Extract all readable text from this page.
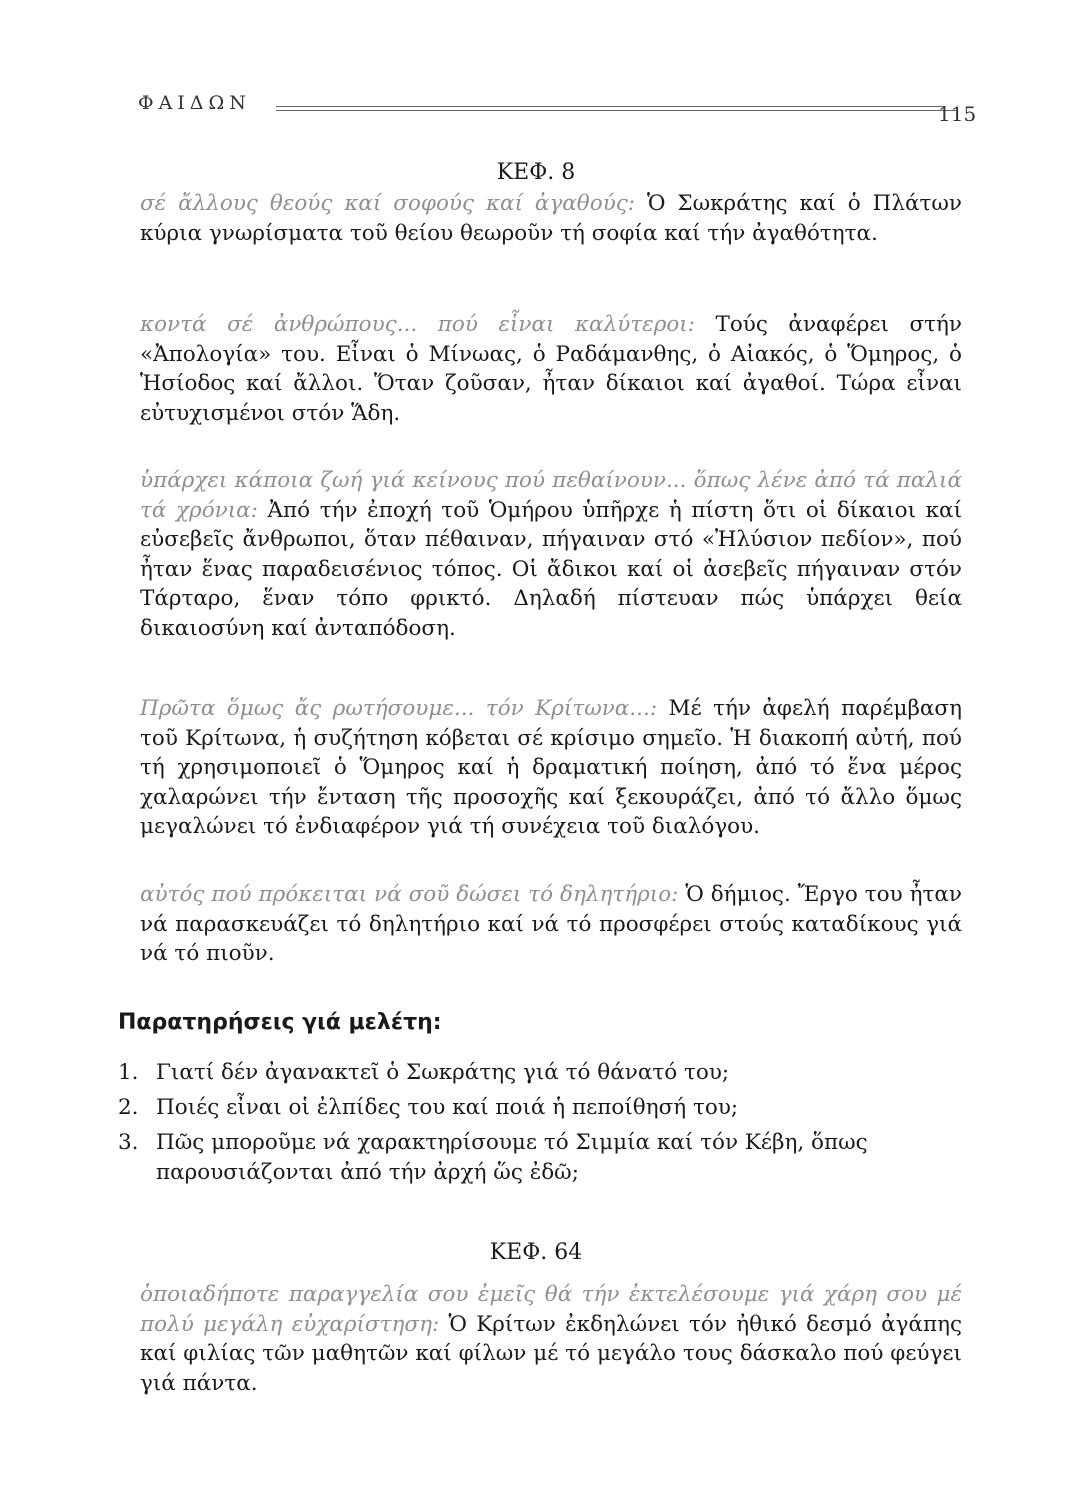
ΦΑΙΔΩΝ	115
ΚΕΦ. 8

σέ ἄλλους θεούς καί σοφούς καί ἀγαθούς: Ὁ Σωκράτης καί ὁ Πλάτων κύρια γνωρίσματα τοῦ θείου θεωροῦν τή σοφία καί τήν ἀγαθότητα.

κοντά σέ ἀνθρώπους... πού εἶναι καλύτεροι: Τούς ἀναφέρει στήν «Ἀπολογία» του. Εἶναι ὁ Μίνωας, ὁ Ραδάμανθης, ὁ Αἰακός, ὁ Ὅμηρος, ὁ Ἡσίοδος καί ἄλλοι. Ὅταν ζοῦσαν, ἦταν δίκαιοι καί ἀγαθοί. Τώρα εἶναι εὐτυχισμένοι στόν Ἅδη.

ὑπάρχει κάποια ζωή γιά κείνους πού πεθαίνουν... ὅπως λένε ἀπό τά παλιά τά χρόνια: Ἀπό τήν ἐποχή τοῦ Ὁμήρου ὑπῆρχε ἡ πίστη ὅτι οἱ δίκαιοι καί εὐσεβεῖς ἄνθρωποι, ὅταν πέθαιναν, πήγαιναν στό «Ἠλύσιον πεδίον», πού ἦταν ἕνας παραδεισένιος τόπος. Οἱ ἄδικοι καί οἱ ἀσεβεῖς πήγαιναν στόν Τάρταρο, ἕναν τόπο φρικτό. Δηλαδή πίστευαν πώς ὑπάρχει θεία δικαιοσύνη καί ἀνταπόδοση.

Πρῶτα ὅμως ἄς ρωτήσουμε... τόν Κρίτωνα...: Μέ τήν ἀφελή παρέμβαση τοῦ Κρίτωνα, ἡ συζήτηση κόβεται σέ κρίσιμο σημεῖο. Ἡ διακοπή αὐτή, πού τή χρησιμοποιεῖ ὁ Ὅμηρος καί ἡ δραματική ποίηση, ἀπό τό ἕνα μέρος χαλαρώνει τήν ἔνταση τῆς προσοχῆς καί ξεκουράζει, ἀπό τό ἄλλο ὅμως μεγαλώνει τό ἐνδιαφέρον γιά τή συνέχεια τοῦ διαλόγου.

αὐτός πού πρόκειται νά σοῦ δώσει τό δηλητήριο: Ὁ δήμιος. Ἔργο του ἦταν νά παρασκευάζει τό δηλητήριο καί νά τό προσφέρει στούς καταδίκους γιά νά τό πιοῦν.

Παρατηρήσεις γιά μελέτη:
1. Γιατί δέν ἀγανακτεῖ ὁ Σωκράτης γιά τό θάνατό του;
2. Ποιές εἶναι οἱ ἐλπίδες του καί ποιά ἡ πεποίθησή του;
3. Πῶς μποροῦμε νά χαρακτηρίσουμε τό Σιμμία καί τόν Κέβη, ὅπως παρουσιάζονται ἀπό τήν ἀρχή ὥς ἐδῶ;
ΚΕΦ. 64

ὁποιαδήποτε παραγγελία σου ἐμεῖς θά τήν ἐκτελέσουμε γιά χάρη σου μέ πολύ μεγάλη εὐχαρίστηση: Ὁ Κρίτων ἐκδηλώνει τόν ἠθικό δεσμό ἀγάπης καί φιλίας τῶν μαθητῶν καί φίλων μέ τό μεγάλο τους δάσκαλο πού φεύγει γιά πάντα.
